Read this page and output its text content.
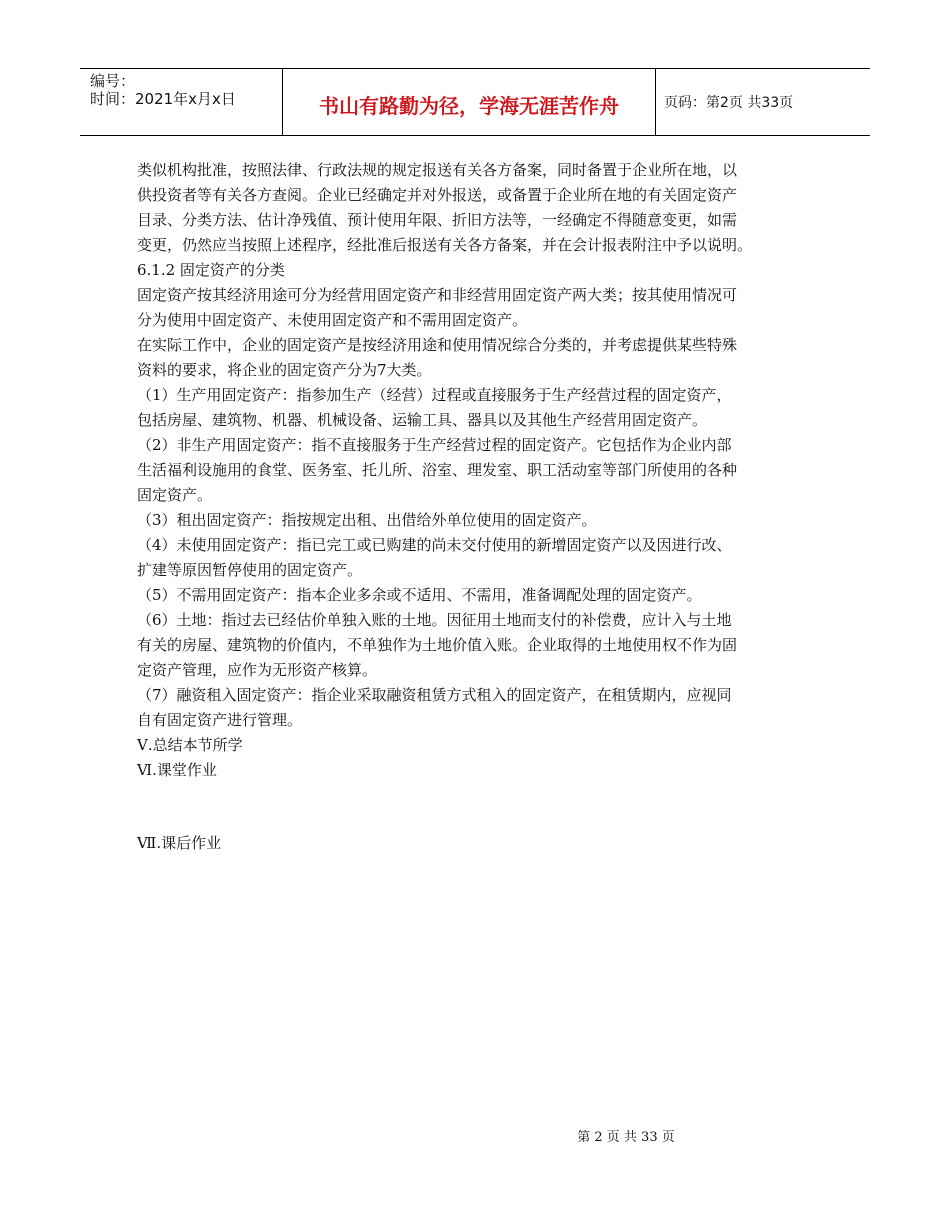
编号：
时间：2021年x月x日	书山有路勤为径，学海无涯苦作舟	页码：第2页 共33页

类似机构批准，按照法律、行政法规的规定报送有关各方备案，同时备置于企业所在地，以

供投资者等有关各方查阅。企业已经确定并对外报送，或备置于企业所在地的有关固定资产

目录、分类方法、估计净残值、预计使用年限、折旧方法等，一经确定不得随意变更，如需

变更，仍然应当按照上述程序，经批准后报送有关各方备案，并在会计报表附注中予以说明。

6.1.2 固定资产的分类

固定资产按其经济用途可分为经营用固定资产和非经营用固定资产两大类；按其使用情况可

分为使用中固定资产、未使用固定资产和不需用固定资产。

在实际工作中，企业的固定资产是按经济用途和使用情况综合分类的，并考虑提供某些特殊

资料的要求，将企业的固定资产分为7大类。

（1）生产用固定资产：指参加生产（经营）过程或直接服务于生产经营过程的固定资产，

包括房屋、建筑物、机器、机械设备、运输工具、器具以及其他生产经营用固定资产。

（2）非生产用固定资产：指不直接服务于生产经营过程的固定资产。它包括作为企业内部

生活福利设施用的食堂、医务室、托儿所、浴室、理发室、职工活动室等部门所使用的各种

固定资产。

（3）租出固定资产：指按规定出租、出借给外单位使用的固定资产。

（4）未使用固定资产：指已完工或已购建的尚未交付使用的新增固定资产以及因进行改、

扩建等原因暂停使用的固定资产。

（5）不需用固定资产：指本企业多余或不适用、不需用，准备调配处理的固定资产。

（6）土地：指过去已经估价单独入账的土地。因征用土地而支付的补偿费，应计入与土地

有关的房屋、建筑物的价值内，不单独作为土地价值入账。企业取得的土地使用权不作为固

定资产管理，应作为无形资产核算。

（7）融资租入固定资产：指企业采取融资租赁方式租入的固定资产，在租赁期内，应视同

自有固定资产进行管理。

Ⅴ.总结本节所学

Ⅵ.课堂作业

Ⅶ.课后作业

第 2 页 共 33 页
